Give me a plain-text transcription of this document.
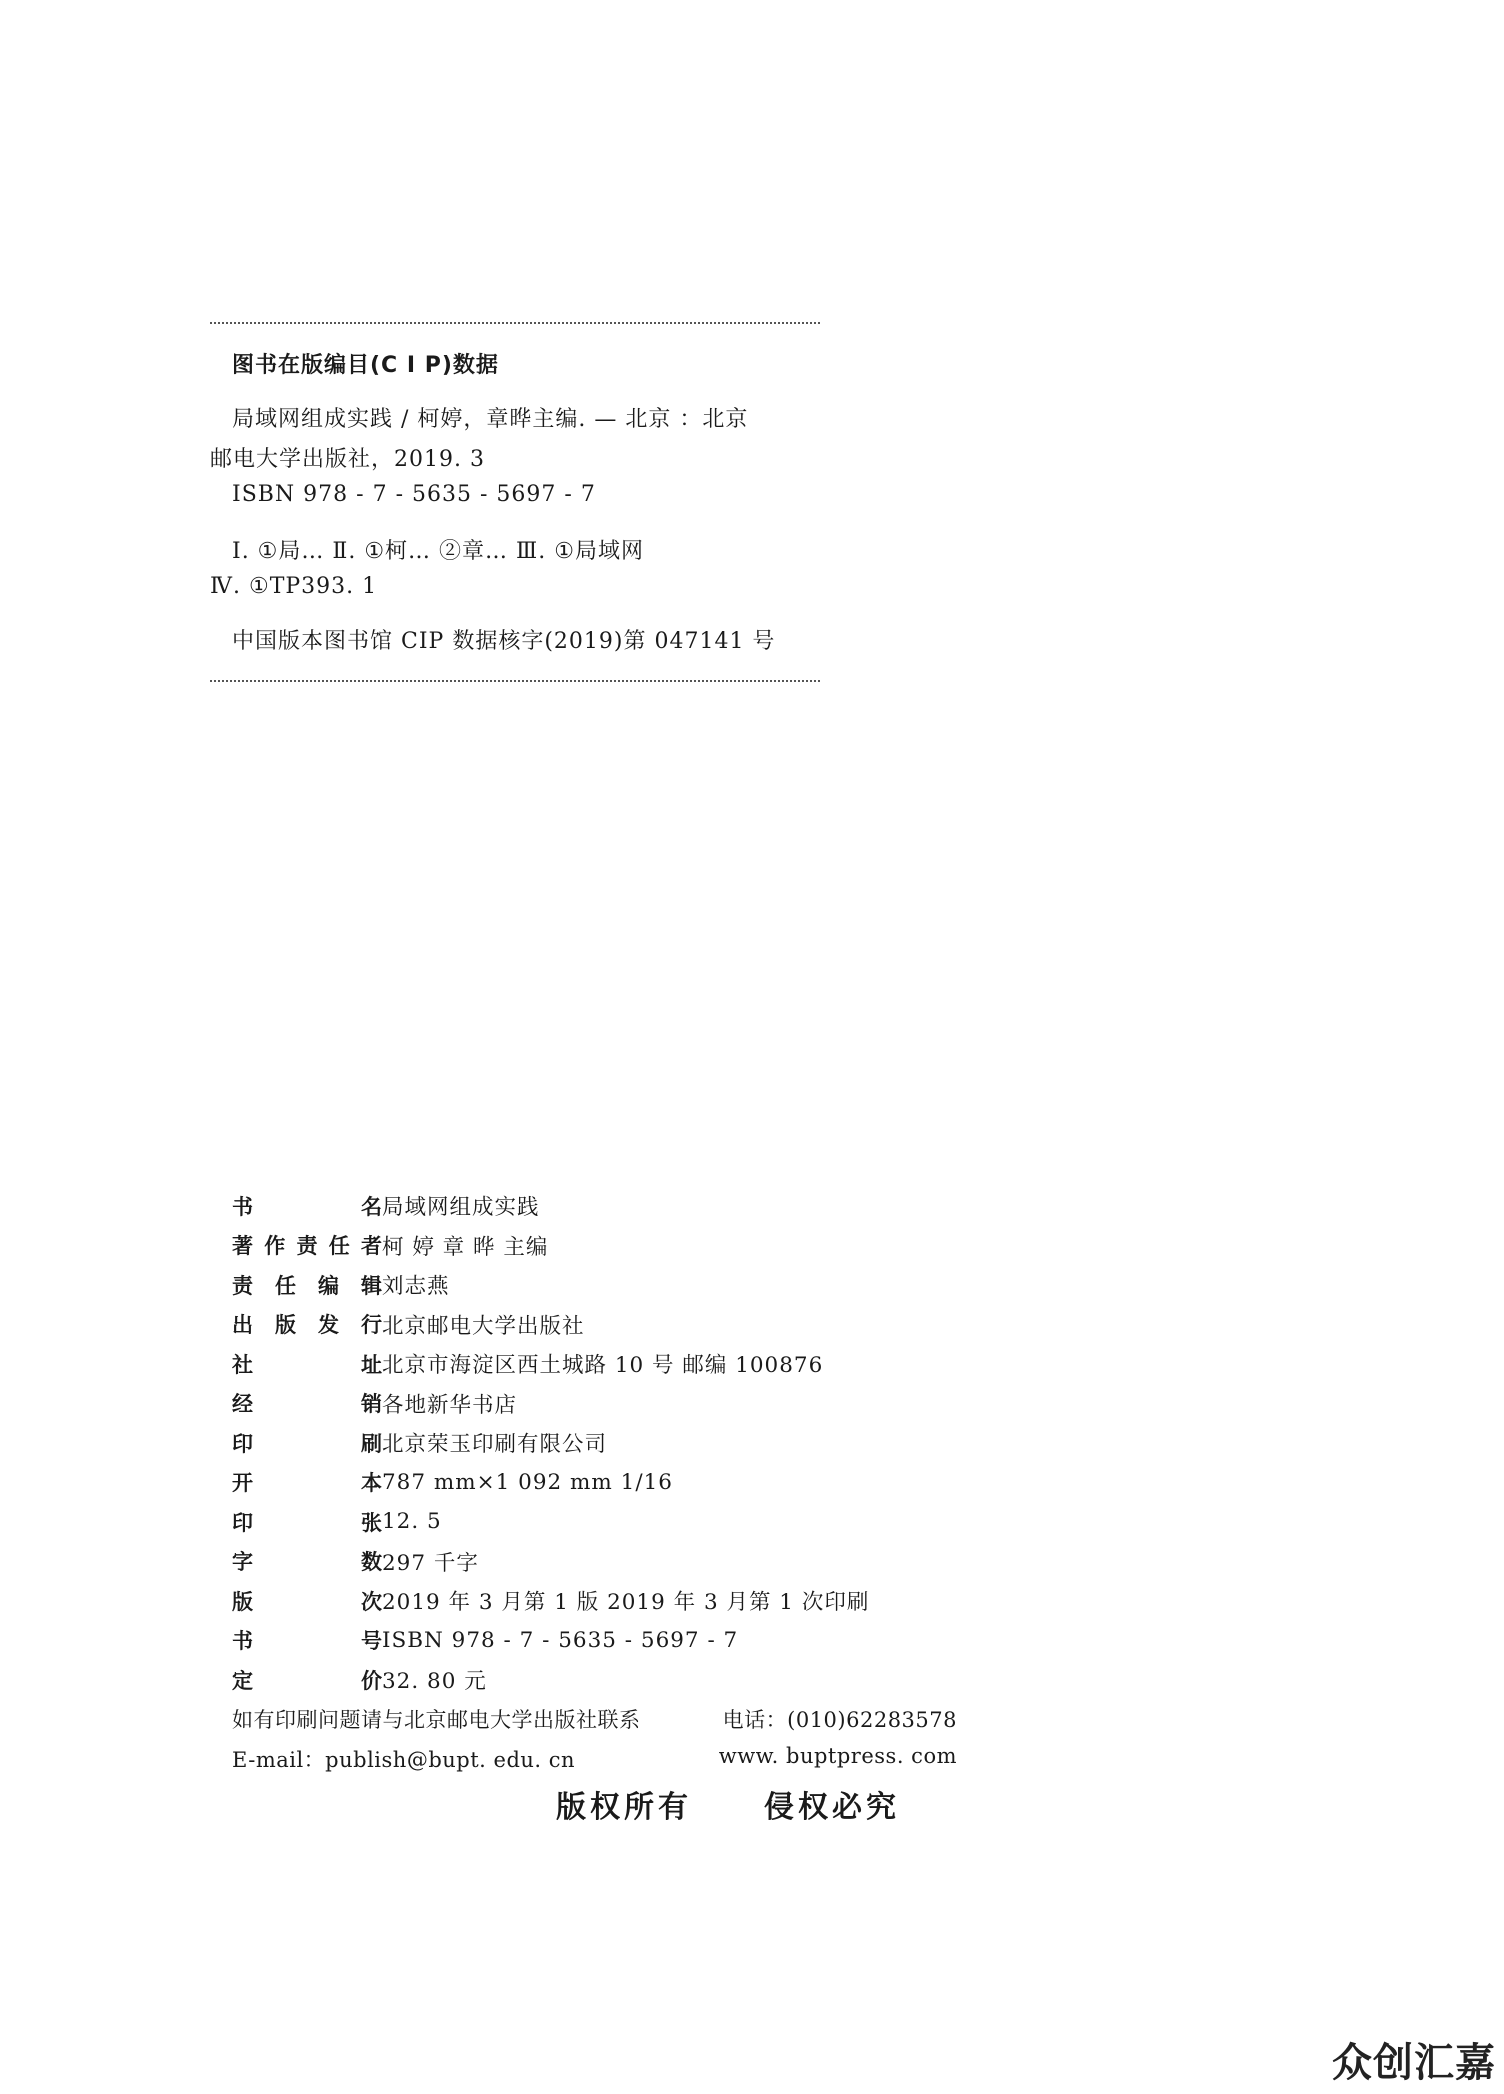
图书在版编目(C I P)数据
局域网组成实践 / 柯婷，章晔主编. — 北京 ：北京
邮电大学出版社，2019. 3
ISBN 978 - 7 - 5635 - 5697 - 7
Ⅰ. ①局… Ⅱ. ①柯… ②章… Ⅲ. ①局域网
Ⅳ. ①TP393. 1
中国版本图书馆 CIP 数据核字(2019)第 047141 号
书	名 局域网组成实践
著 作 责 任 者 柯 婷 章 晔 主编
责 任 编 辑 刘志燕
出 版 发 行 北京邮电大学出版社
社	址 北京市海淀区西土城路 10 号 邮编 100876
经	销 各地新华书店
印	刷 北京荣玉印刷有限公司
开	本 787 mm×1 092 mm 1/16
印	张 12. 5
字	数 297 千字
版	次 2019 年 3 月第 1 版 2019 年 3 月第 1 次印刷
书	号 ISBN 978 - 7 - 5635 - 5697 - 7
定	价 32. 80 元
如有印刷问题请与北京邮电大学出版社联系	电话：(010)62283578
E-mail：publish@bupt. edu. cn	www. buptpress. com
版权所有 侵权必究
众创汇嘉
